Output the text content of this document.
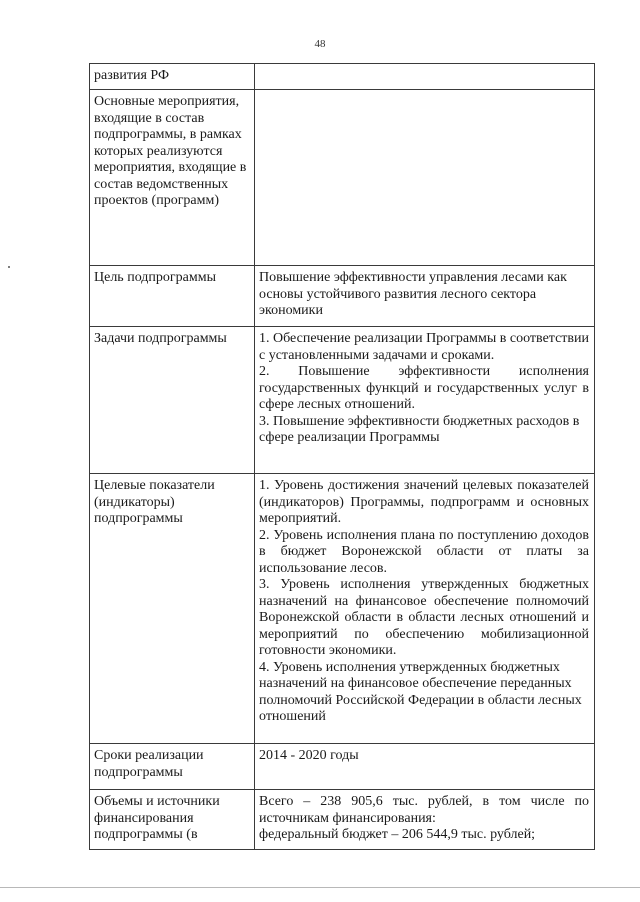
48
развития РФ	
Основные мероприятия, входящие в состав подпрограммы, в рамках которых реализуются мероприятия, входящие в состав ведомственных проектов (программ)	
Цель подпрограммы	Повышение эффективности управления лесами как основы устойчивого развития лесного сектора экономики

Задачи подпрограммы	1. Обеспечение реализации Программы в соответствии с установленными задачами и сроками.
2. Повышение эффективности исполнения государственных функций и государственных услуг в сфере лесных отношений.
3. Повышение эффективности бюджетных расходов в сфере реализации Программы

Целевые показатели (индикаторы) подпрограммы	1. Уровень достижения значений целевых показателей (индикаторов) Программы, подпрограмм и основных мероприятий.
2. Уровень исполнения плана по поступлению доходов в бюджет Воронежской области от платы за использование лесов.
3. Уровень исполнения утвержденных бюджетных назначений на финансовое обеспечение полномочий Воронежской области в области лесных отношений и мероприятий по обеспечению мобилизационной готовности экономики.
4. Уровень исполнения утвержденных бюджетных назначений на финансовое обеспечение переданных полномочий Российской Федерации в области лесных отношений

Сроки реализации подпрограммы	2014 - 2020 годы

Объемы и источники финансирования подпрограммы (в	Всего – 238 905,6 тыс. рублей, в том числе по источникам финансирования:
федеральный бюджет – 206 544,9 тыс. рублей;
